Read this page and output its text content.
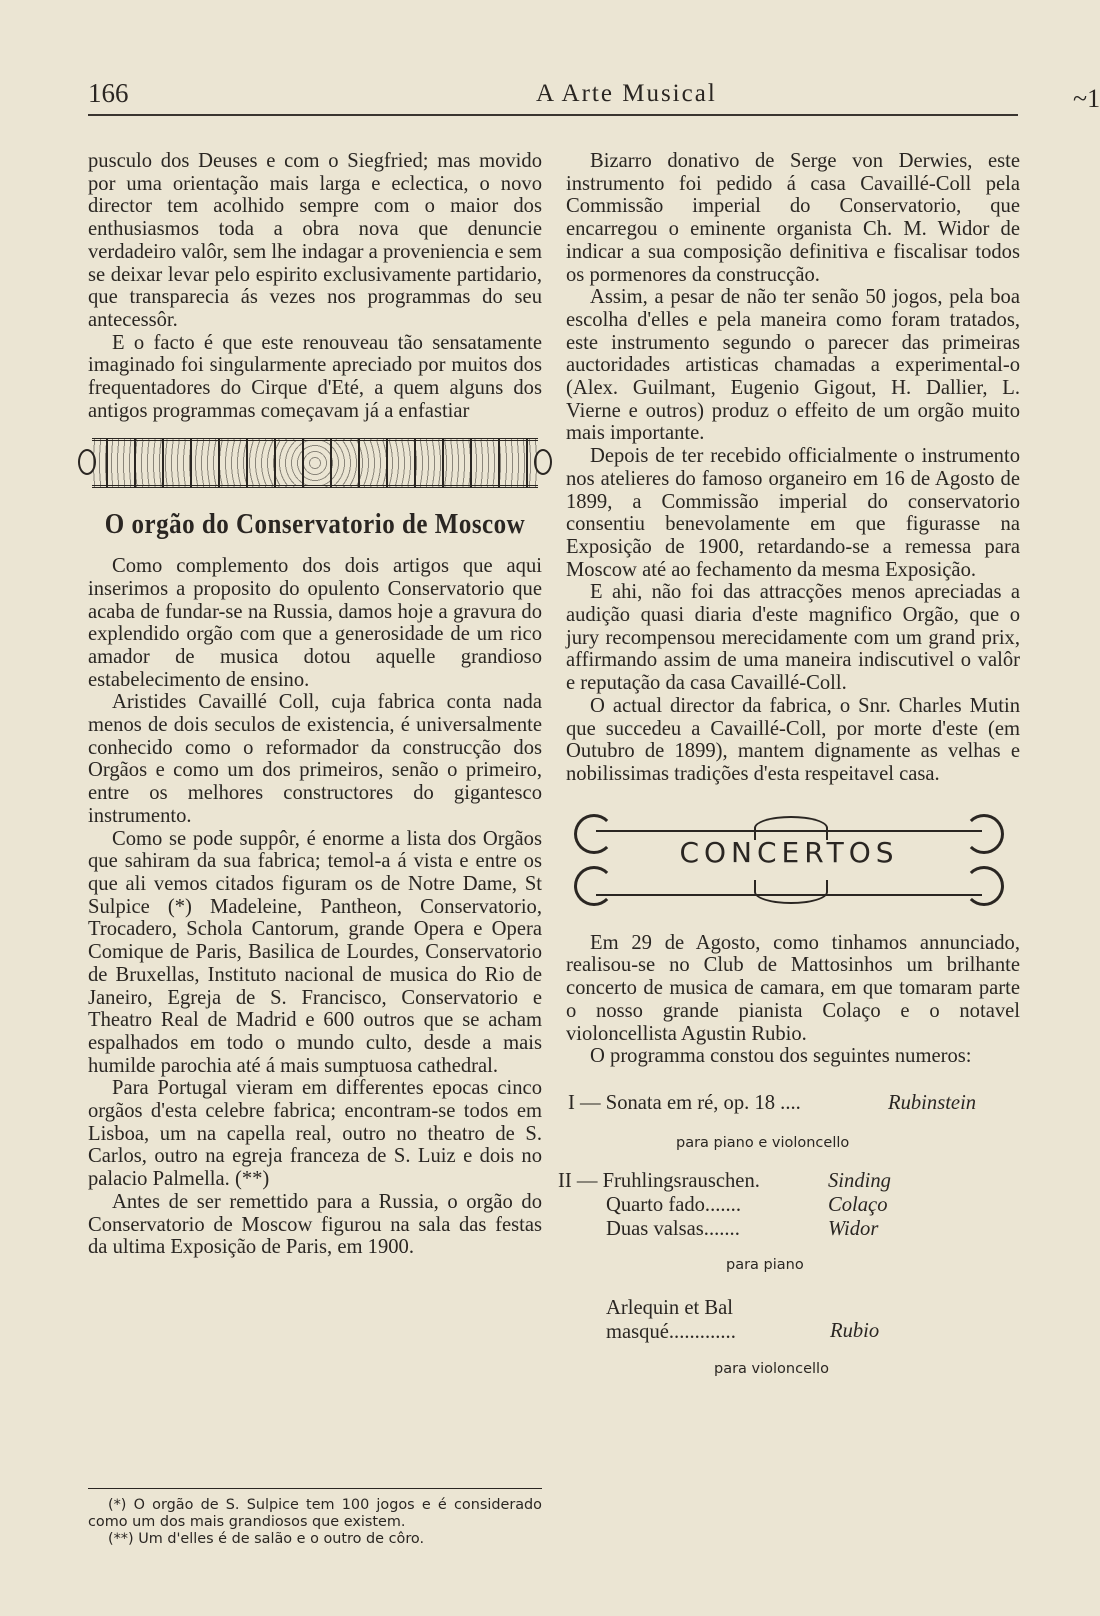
166	A Arte Musical	~1

pusculo dos Deuses e com o Siegfried; mas movido por uma orientação mais larga e eclectica, o novo director tem acolhido sempre com o maior dos enthusiasmos toda a obra nova que denuncie verdadeiro valôr, sem lhe indagar a proveniencia e sem se deixar levar pelo espirito exclusivamente partidario, que transparecia ás vezes nos programmas do seu antecessôr.

E o facto é que este renouveau tão sensatamente imaginado foi singularmente apreciado por muitos dos frequentadores do Cirque d'Eté, a quem alguns dos antigos programmas começavam já a enfastiar

O orgão do Conservatorio de Moscow

Como complemento dos dois artigos que aqui inserimos a proposito do opulento Conservatorio que acaba de fundar-se na Russia, damos hoje a gravura do explendido orgão com que a generosidade de um rico amador de musica dotou aquelle grandioso estabelecimento de ensino.

Aristides Cavaillé Coll, cuja fabrica conta nada menos de dois seculos de existencia, é universalmente conhecido como o reformador da construcção dos Orgãos e como um dos primeiros, senão o primeiro, entre os melhores constructores do gigantesco instrumento.

Como se pode suppôr, é enorme a lista dos Orgãos que sahiram da sua fabrica; temol-a á vista e entre os que ali vemos citados figuram os de Notre Dame, St Sulpice (*) Madeleine, Pantheon, Conservatorio, Trocadero, Schola Cantorum, grande Opera e Opera Comique de Paris, Basilica de Lourdes, Conservatorio de Bruxellas, Instituto nacional de musica do Rio de Janeiro, Egreja de S. Francisco, Conservatorio e Theatro Real de Madrid e 600 outros que se acham espalhados em todo o mundo culto, desde a mais humilde parochia até á mais sumptuosa cathedral.

Para Portugal vieram em differentes epocas cinco orgãos d'esta celebre fabrica; encontram-se todos em Lisboa, um na capella real, outro no theatro de S. Carlos, outro na egreja franceza de S. Luiz e dois no palacio Palmella. (**)

Antes de ser remettido para a Russia, o orgão do Conservatorio de Moscow figurou na sala das festas da ultima Exposição de Paris, em 1900.

(*) O orgão de S. Sulpice tem 100 jogos e é considerado como um dos mais grandiosos que existem.

(**) Um d'elles é de salão e o outro de côro.

Bizarro donativo de Serge von Derwies, este instrumento foi pedido á casa Cavaillé-Coll pela Commissão imperial do Conservatorio, que encarregou o eminente organista Ch. M. Widor de indicar a sua composição definitiva e fiscalisar todos os pormenores da construcção.

Assim, a pesar de não ter senão 50 jogos, pela boa escolha d'elles e pela maneira como foram tratados, este instrumento segundo o parecer das primeiras auctoridades artisticas chamadas a experimental-o (Alex. Guilmant, Eugenio Gigout, H. Dallier, L. Vierne e outros) produz o effeito de um orgão muito mais importante.

Depois de ter recebido officialmente o instrumento nos atelieres do famoso organeiro em 16 de Agosto de 1899, a Commissão imperial do conservatorio consentiu benevolamente em que figurasse na Exposição de 1900, retardando-se a remessa para Moscow até ao fechamento da mesma Exposição.

E ahi, não foi das attracções menos apreciadas a audição quasi diaria d'este magnifico Orgão, que o jury recompensou merecidamente com um grand prix, affirmando assim de uma maneira indiscutivel o valôr e reputação da casa Cavaillé-Coll.

O actual director da fabrica, o Snr. Charles Mutin que succedeu a Cavaillé-Coll, por morte d'este (em Outubro de 1899), mantem dignamente as velhas e nobilissimas tradições d'esta respeitavel casa.

CONCERTOS

Em 29 de Agosto, como tinhamos annunciado, realisou-se no Club de Mattosinhos um brilhante concerto de musica de camara, em que tomaram parte o nosso grande pianista Colaço e o notavel violoncellista Agustin Rubio.

O programma constou dos seguintes numeros:

I — Sonata em ré, op. 18 ....	Rubinstein
para piano e violoncello
II — Fruhlingsrauschen.	Sinding
Quarto fado.......	Colaço
Duas valsas.......	Widor
para piano
Arlequin et Bal masqué.............	Rubio
para violoncello
